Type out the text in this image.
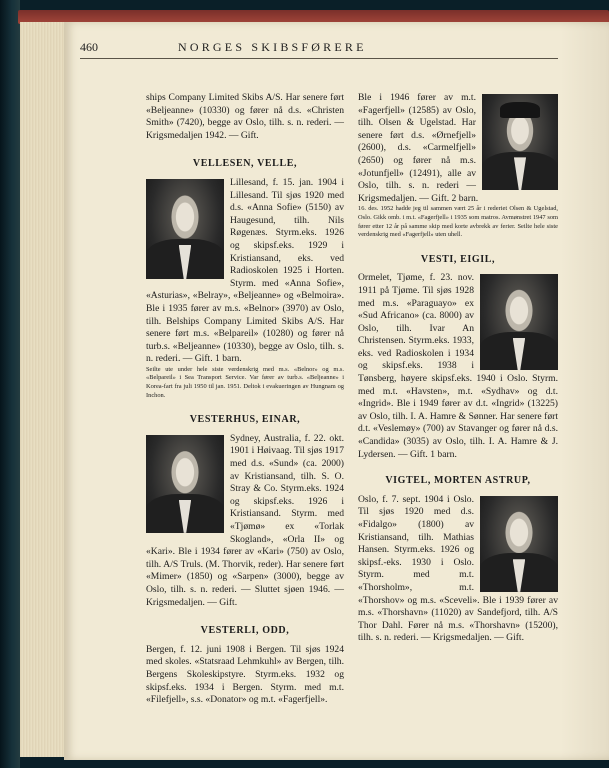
460	NORGES SKIBSFØRERE

ships Company Limited Skibs A/S. Har senere ført «Beljeanne» (10330) og fører nå d.s. «Christen Smith» (7420), begge av Oslo, tilh. s. n. rederi. — Krigsmedaljen 1942. — Gift.

VELLESEN, VELLE,

Lillesand, f. 15. jan. 1904 i Lillesand. Til sjøs 1920 med d.s. «Anna Sofie» (5150) av Haugesund, tilh. Nils Røgenæs. Styrm.eks. 1926 og skipsf.eks. 1929 i Kristiansand, eks. ved Radioskolen 1925 i Horten. Styrm. med «Anna Sofie», «Asturias», «Belray», «Beljeanne» og «Belmoira». Ble i 1935 fører av m.s. «Belnor» (3970) av Oslo, tilh. Belships Company Limited Skibs A/S. Har senere ført m.s. «Belpareil» (10280) og fører nå turb.s. «Beljeanne» (10330), begge av Oslo, tilh. s. n. rederi. — Gift. 1 barn.

Seilte ute under hele siste verdenskrig med m.s. «Belnor» og m.s. «Belpareil» i Sea Transport Service. Var fører av turb.s. «Beljeanne» i Korea-fart fra juli 1950 til jan. 1951. Deltok i evakueringen av Hungnam og Inchon.

VESTERHUS, EINAR,

Sydney, Australia, f. 22. okt. 1901 i Høivaag. Til sjøs 1917 med d.s. «Sund» (ca. 2000) av Kristiansand, tilh. S. O. Stray & Co. Styrm.eks. 1924 og skipsf.eks. 1926 i Kristiansand. Styrm. med «Tjømø» ex «Torlak Skogland», «Orla II» og «Kari». Ble i 1934 fører av «Kari» (750) av Oslo, tilh. A/S Truls. (M. Thorvik, reder). Har senere ført «Mimer» (1850) og «Sarpen» (3000), begge av Oslo, tilh. s. n. rederi. — Sluttet sjøen 1946. — Krigsmedaljen. — Gift.

VESTERLI, ODD,

Bergen, f. 12. juni 1908 i Bergen. Til sjøs 1924 med skoles. «Statsraad Lehmkuhl» av Bergen, tilh. Bergens Skoleskipstyre. Styrm.eks. 1932 og skipsf.eks. 1934 i Bergen. Styrm. med m.t. «Filefjell», s.s. «Donator» og m.t. «Fagerfjell».

Ble i 1946 fører av m.t. «Fagerfjell» (12585) av Oslo, tilh. Olsen & Ugelstad. Har senere ført d.s. «Ørnefjell» (2600), d.s. «Carmelfjell» (2650) og fører nå m.s. «Jotunfjell» (12491), alle av Oslo, tilh. s. n. rederi — Krigsmedaljen. — Gift. 2 barn.

16. des. 1952 hadde jeg til sammen vært 25 år i rederiet Olsen & Ugelstad, Oslo. Gikk omb. i m.t. «Fagerfjell» i 1935 som matros. Avmønstret 1947 som fører etter 12 år på samme skip med korte avbrekk av ferier. Seilte hele siste verdenskrig med «Fagerfjell» uten uhell.

VESTI, EIGIL,

Ormelet, Tjøme, f. 23. nov. 1911 på Tjøme. Til sjøs 1928 med m.s. «Paraguayo» ex «Sud Africano» (ca. 8000) av Oslo, tilh. Ivar An Christensen. Styrm.eks. 1933, eks. ved Radioskolen i 1934 og skipsf.eks. 1938 i Tønsberg, høyere skipsf.eks. 1940 i Oslo. Styrm. med m.t. «Havsten», m.t. «Sydhav» og d.t. «Ingrid». Ble i 1949 fører av d.t. «Ingrid» (13225) av Oslo, tilh. I. A. Hamre & Sønner. Har senere ført d.t. «Veslemøy» (700) av Stavanger og fører nå d.s. «Candida» (3035) av Oslo, tilh. I. A. Hamre & J. Lydersen. — Gift. 1 barn.

VIGTEL, MORTEN ASTRUP,

Oslo, f. 7. sept. 1904 i Oslo. Til sjøs 1920 med d.s. «Fidalgo» (1800) av Kristiansand, tilh. Mathias Hansen. Styrm.eks. 1926 og skipsf.-eks. 1930 i Oslo. Styrm. med m.t. «Thorsholm», m.t. «Thorshov» og m.s. «Sceveli». Ble i 1939 fører av m.s. «Thorshavn» (11020) av Sandefjord, tilh. A/S Thor Dahl. Fører nå m.s. «Thorshavn» (15200), tilh. s. n. rederi. — Krigsmedaljen. — Gift.
